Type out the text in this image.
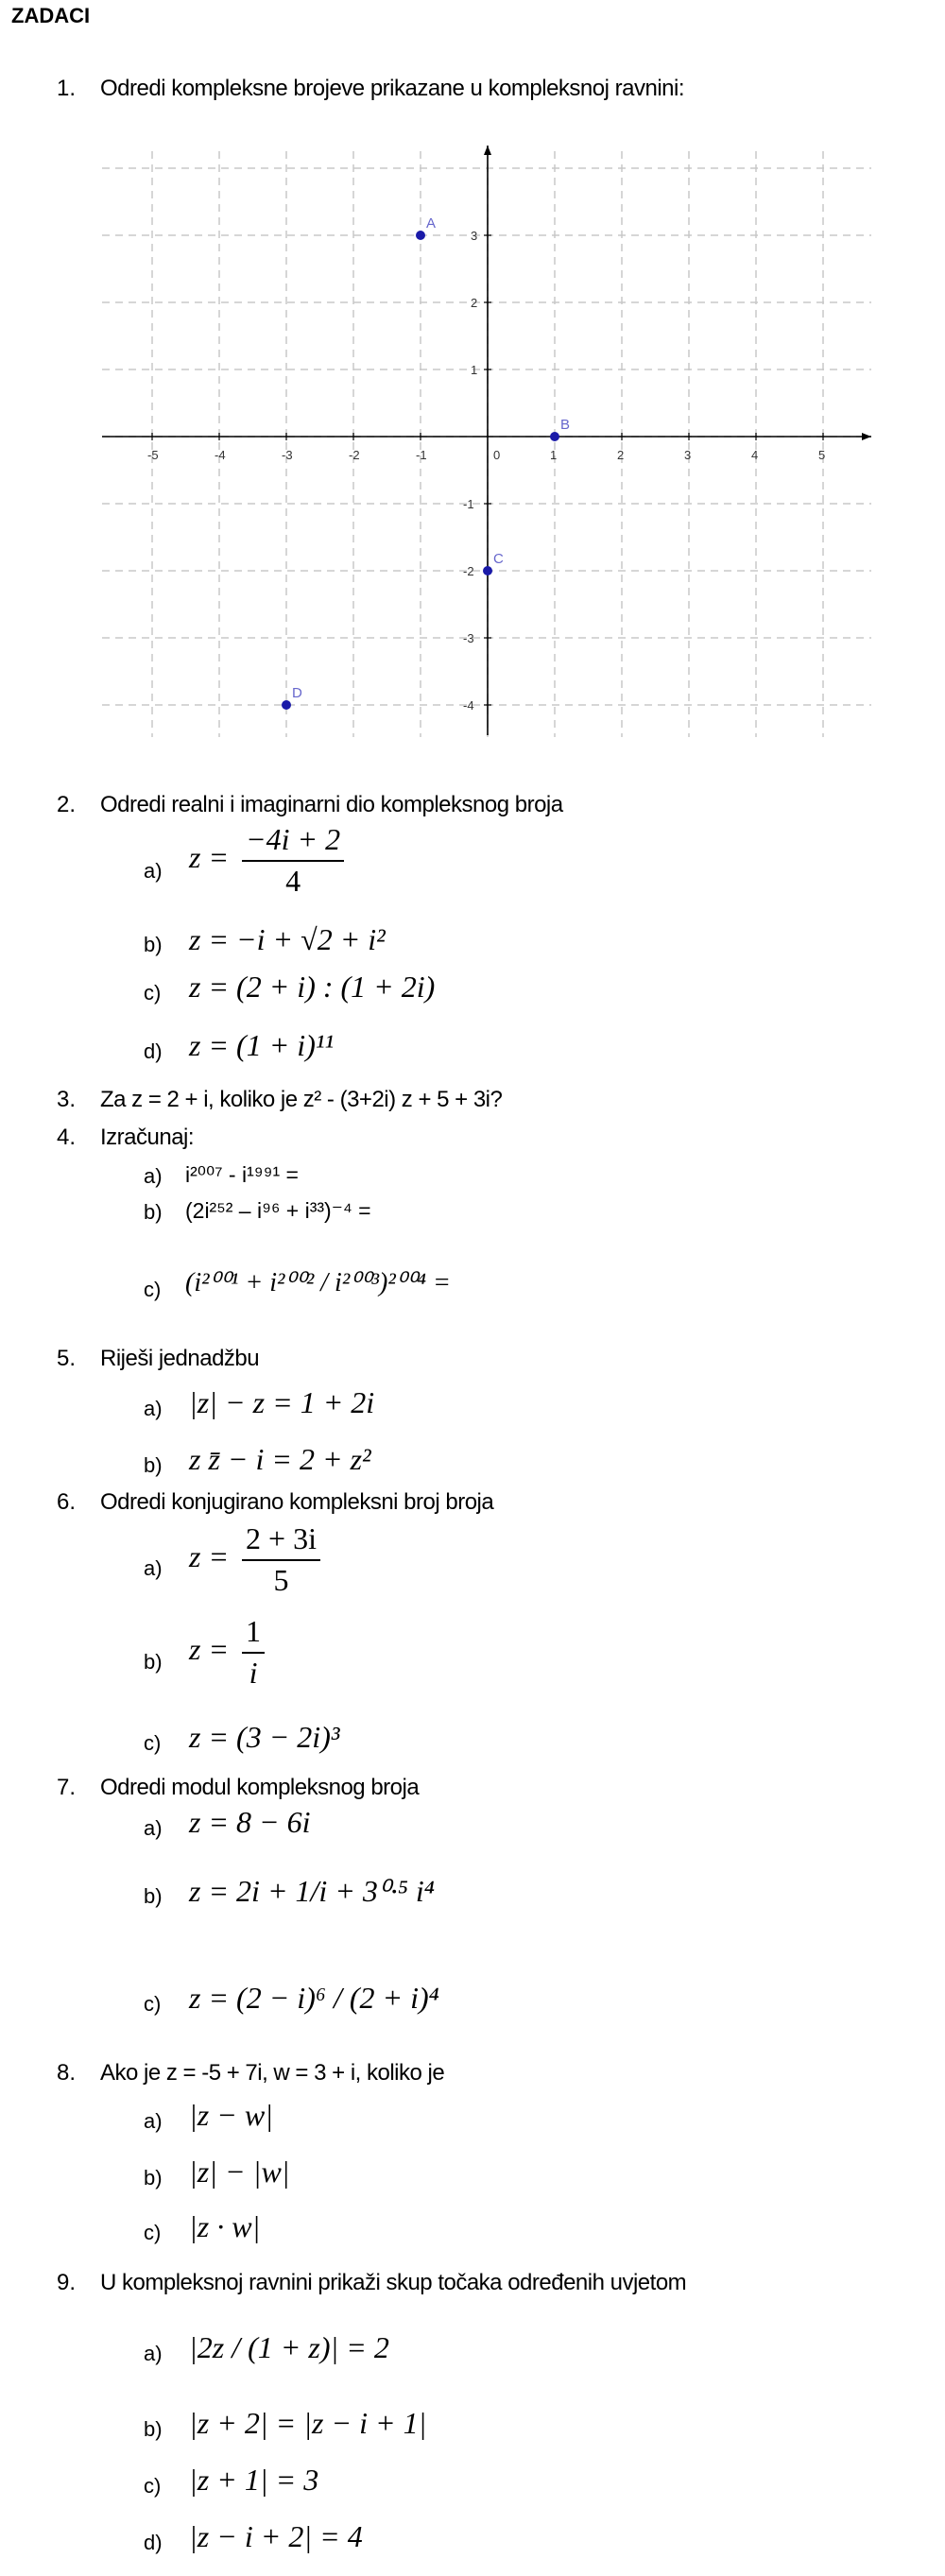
ZADACI
1. Odredi kompleksne brojeve prikazane u kompleksnoj ravnini:
-5	-4	-3	-2	-1	0	1	2	3	4	5
3
2
1
-1
-2
-3
-4
A
B
C
D
2. Odredi realni i imaginarni dio kompleksnog broja
a) $z = \frac{-4i + 2}{4}$
b) z = −i + √2 + i²
c) z = (2 + i) : (1 + 2i)
d) z = (1 + i)¹¹
3. Za z = 2 + i, koliko je z² - (3+2i) z + 5 + 3i?
4. Izračunaj:
a) i²⁰⁰⁷ - i¹⁹⁹¹ =
b) (2i²⁵² – i⁹⁶ + i³³)⁻⁴ =
c) (i²⁰⁰¹ + i²⁰⁰² / i²⁰⁰³)²⁰⁰⁴ =
5. Riješi jednadžbu
a) |z| − z = 1 + 2i
b) z z̄ − i = 2 + z²
6. Odredi konjugirano kompleksni broj broja
a) $z = \frac{2 + 3i}{5}$
b) $z = \frac{1}{i}$
c) z = (3 − 2i)³
7. Odredi modul kompleksnog broja
a) z = 8 − 6i
b) z = 2i + 1/i + 3⁰·⁵ i⁴
c) z = (2 − i)⁶ / (2 + i)⁴
8. Ako je z = -5 + 7i, w = 3 + i, koliko je
a) |z − w|
b) |z| − |w|
c) |z · w|
9. U kompleksnoj ravnini prikaži skup točaka određenih uvjetom
a) |2z / (1 + z)| = 2
b) |z + 2| = |z − i + 1|
c) |z + 1| = 3
d) |z − i + 2| = 4
